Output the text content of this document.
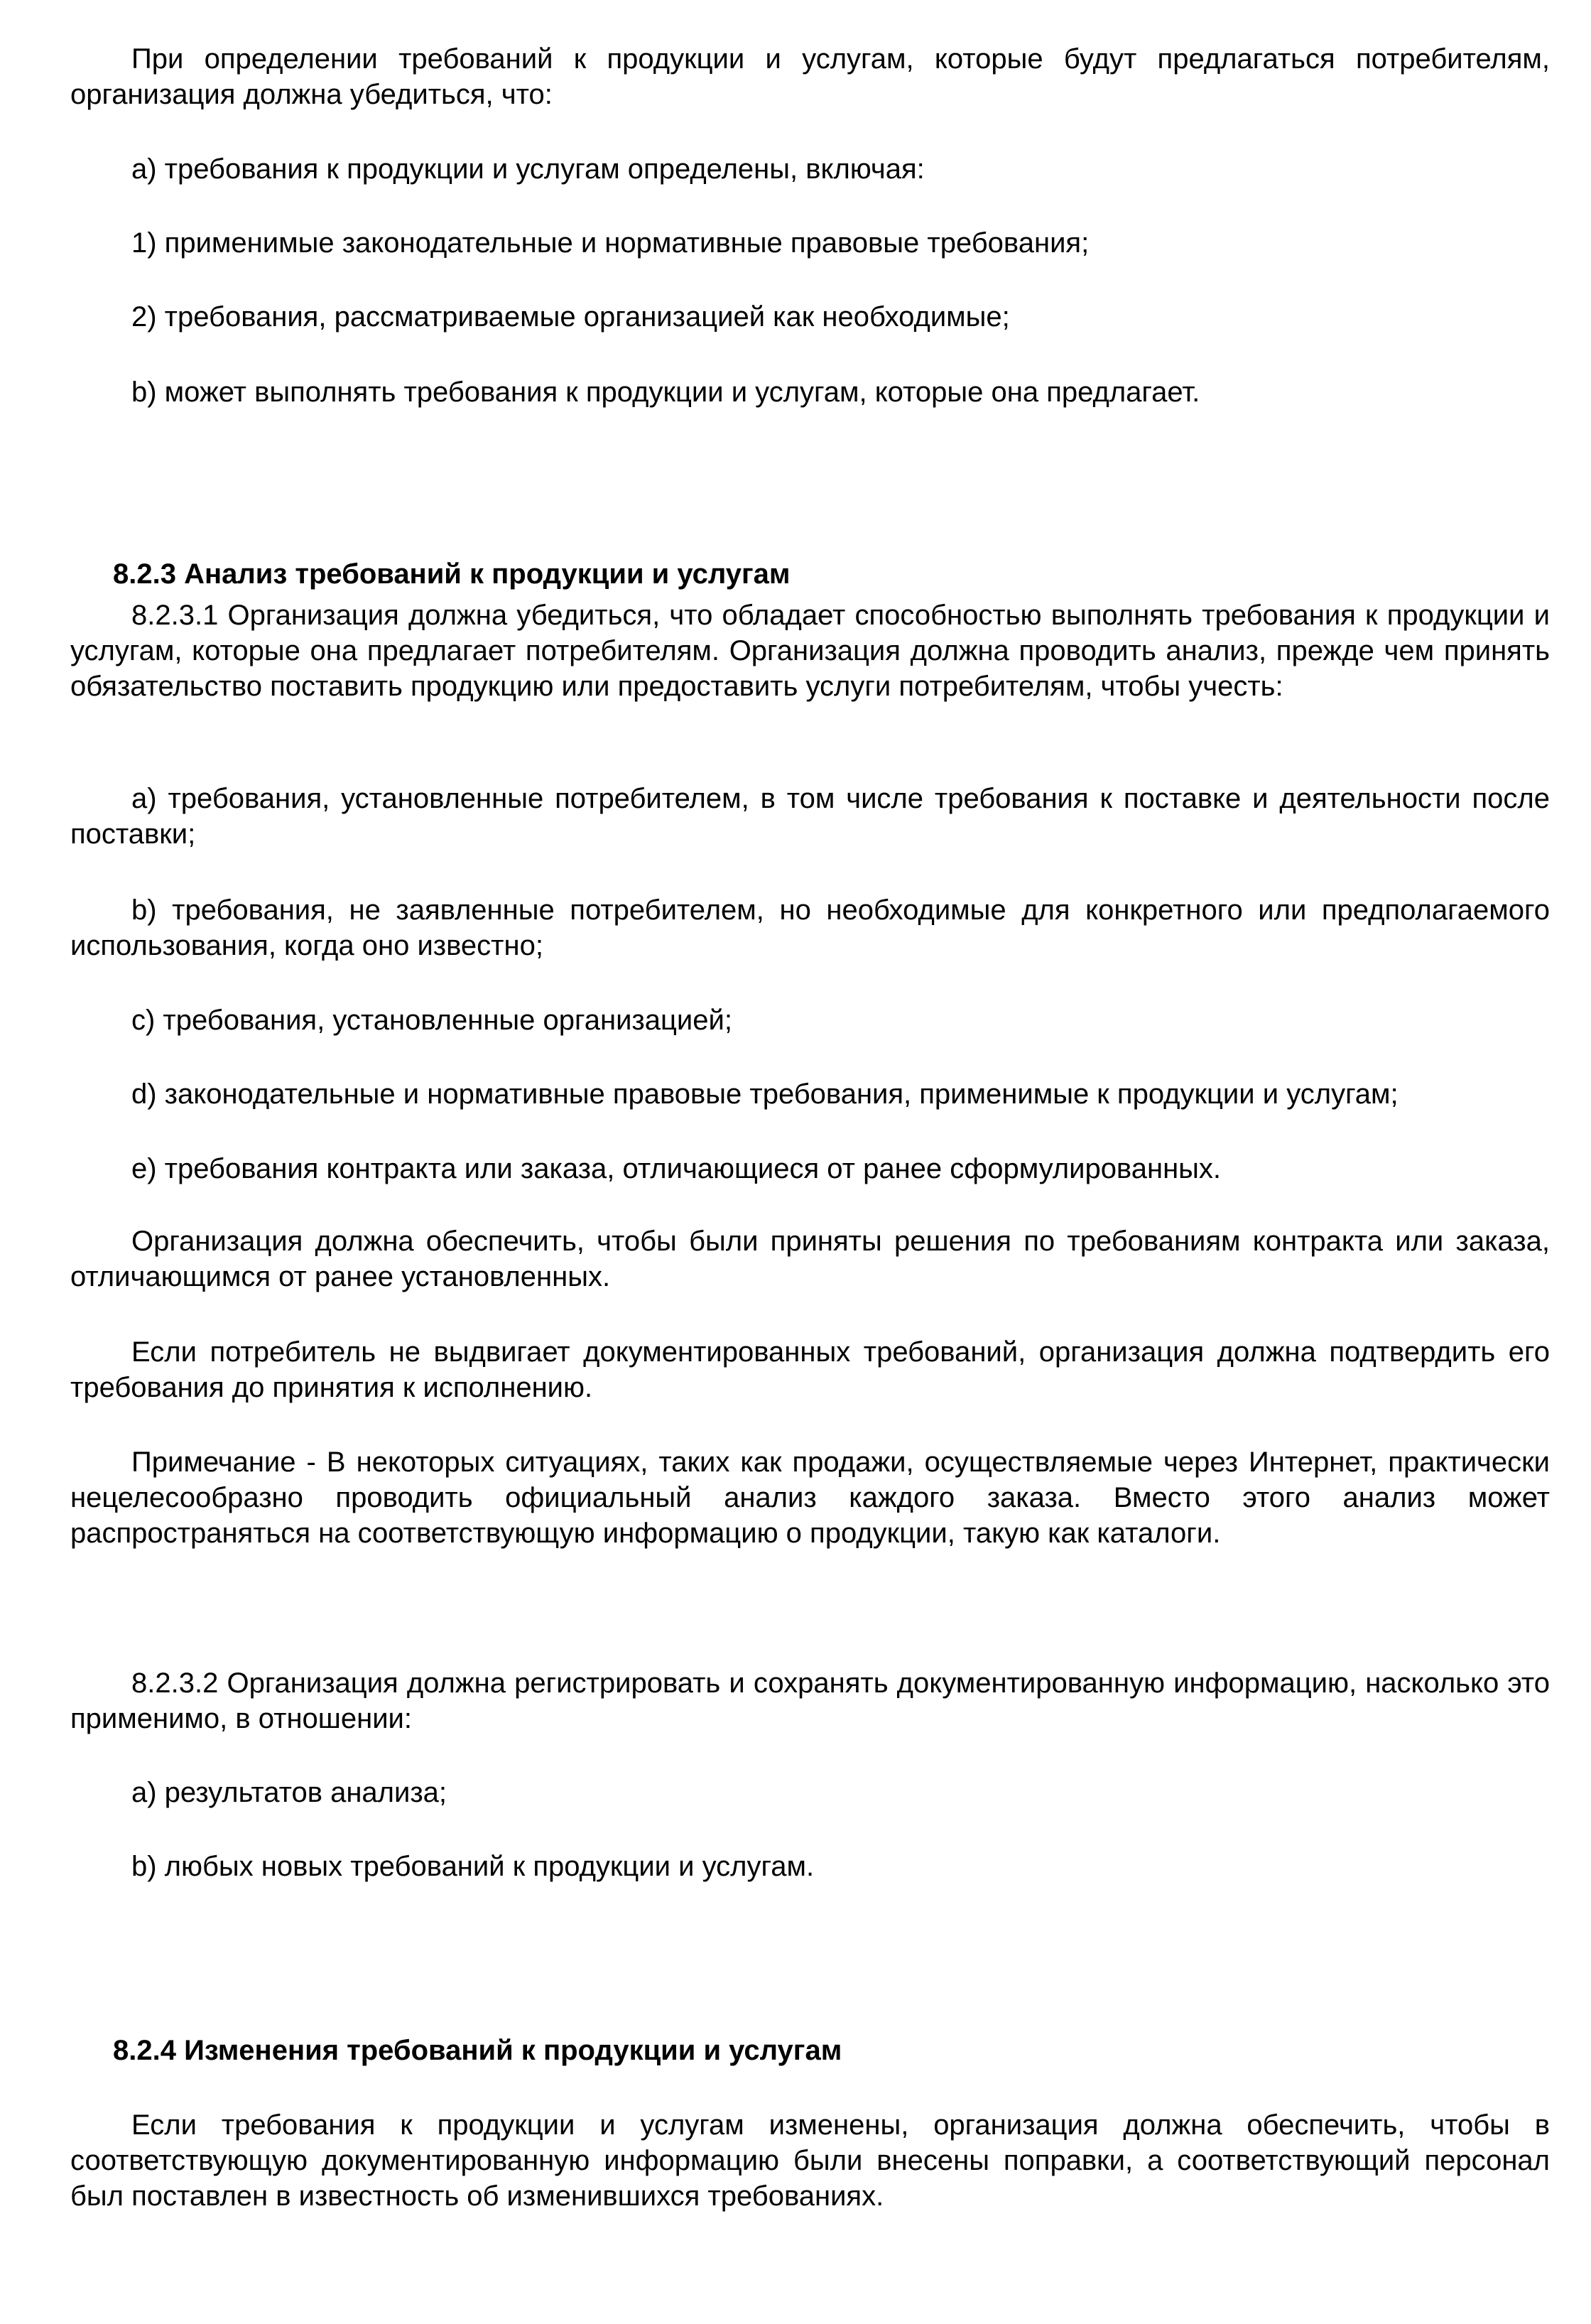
При определении требований к продукции и услугам, которые будут предлагаться потребителям, организация должна убедиться, что:

a) требования к продукции и услугам определены, включая:

1) применимые законодательные и нормативные правовые требования;

2) требования, рассматриваемые организацией как необходимые;

b) может выполнять требования к продукции и услугам, которые она предлагает.

8.2.3 Анализ требований к продукции и услугам

8.2.3.1 Организация должна убедиться, что обладает способностью выполнять требования к продукции и услугам, которые она предлагает потребителям. Организация должна проводить анализ, прежде чем принять обязательство поставить продукцию или предоставить услуги потребителям, чтобы учесть:

a) требования, установленные потребителем, в том числе требования к поставке и деятельности после поставки;

b) требования, не заявленные потребителем, но необходимые для конкретного или предполагаемого использования, когда оно известно;

c) требования, установленные организацией;

d) законодательные и нормативные правовые требования, применимые к продукции и услугам;

e) требования контракта или заказа, отличающиеся от ранее сформулированных.

Организация должна обеспечить, чтобы были приняты решения по требованиям контракта или заказа, отличающимся от ранее установленных.

Если потребитель не выдвигает документированных требований, организация должна подтвердить его требования до принятия к исполнению.

Примечание - В некоторых ситуациях, таких как продажи, осуществляемые через Интернет, практически нецелесообразно проводить официальный анализ каждого заказа. Вместо этого анализ может распространяться на соответствующую информацию о продукции, такую как каталоги.

8.2.3.2 Организация должна регистрировать и сохранять документированную информацию, насколько это применимо, в отношении:

a) результатов анализа;

b) любых новых требований к продукции и услугам.

8.2.4 Изменения требований к продукции и услугам

Если требования к продукции и услугам изменены, организация должна обеспечить, чтобы в соответствующую документированную информацию были внесены поправки, а соответствующий персонал был поставлен в известность об изменившихся требованиях.
